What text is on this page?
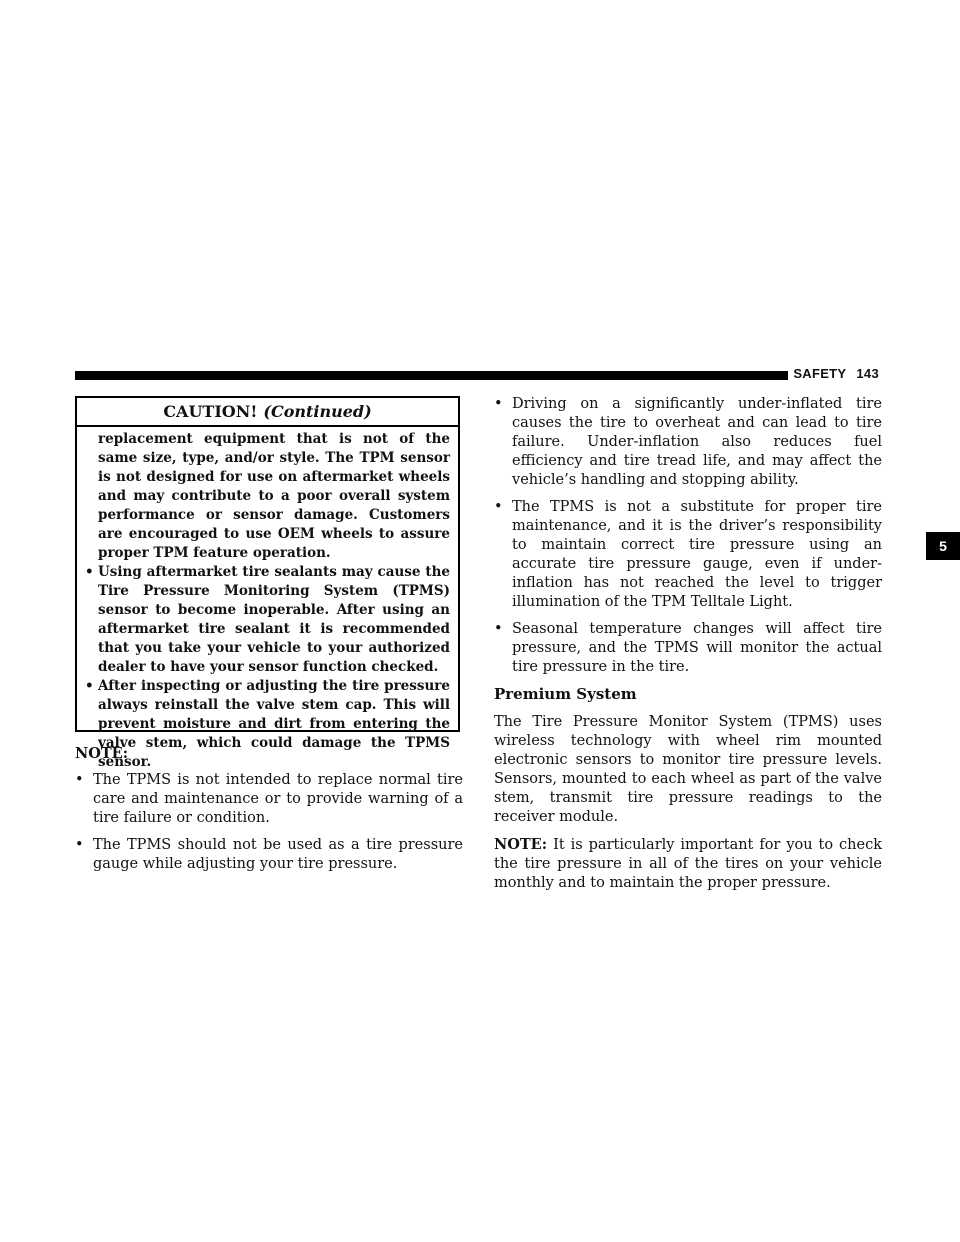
SAFETY 143
5
CAUTION! (Continued)

replacement equipment that is not of the same size, type, and/or style. The TPM sensor is not designed for use on aftermarket wheels and may contribute to a poor overall system performance or sensor damage. Customers are encouraged to use OEM wheels to assure proper TPM feature operation.

• Using aftermarket tire sealants may cause the Tire Pressure Monitoring System (TPMS) sensor to become inoperable. After using an aftermarket tire sealant it is recommended that you take your vehicle to your authorized dealer to have your sensor function checked.

• After inspecting or adjusting the tire pressure always reinstall the valve stem cap. This will prevent moisture and dirt from entering the valve stem, which could damage the TPMS sensor.

NOTE:

• The TPMS is not intended to replace normal tire care and maintenance or to provide warning of a tire failure or condition.

• The TPMS should not be used as a tire pressure gauge while adjusting your tire pressure.

• Driving on a significantly under-inflated tire causes the tire to overheat and can lead to tire failure. Under-inflation also reduces fuel efficiency and tire tread life, and may affect the vehicle’s handling and stopping ability.

• The TPMS is not a substitute for proper tire maintenance, and it is the driver’s responsibility to maintain correct tire pressure using an accurate tire pressure gauge, even if under-inflation has not reached the level to trigger illumination of the TPM Telltale Light.

• Seasonal temperature changes will affect tire pressure, and the TPMS will monitor the actual tire pressure in the tire.

Premium System

The Tire Pressure Monitor System (TPMS) uses wireless technology with wheel rim mounted electronic sensors to monitor tire pressure levels. Sensors, mounted to each wheel as part of the valve stem, transmit tire pressure readings to the receiver module.

NOTE: It is particularly important for you to check the tire pressure in all of the tires on your vehicle monthly and to maintain the proper pressure.
